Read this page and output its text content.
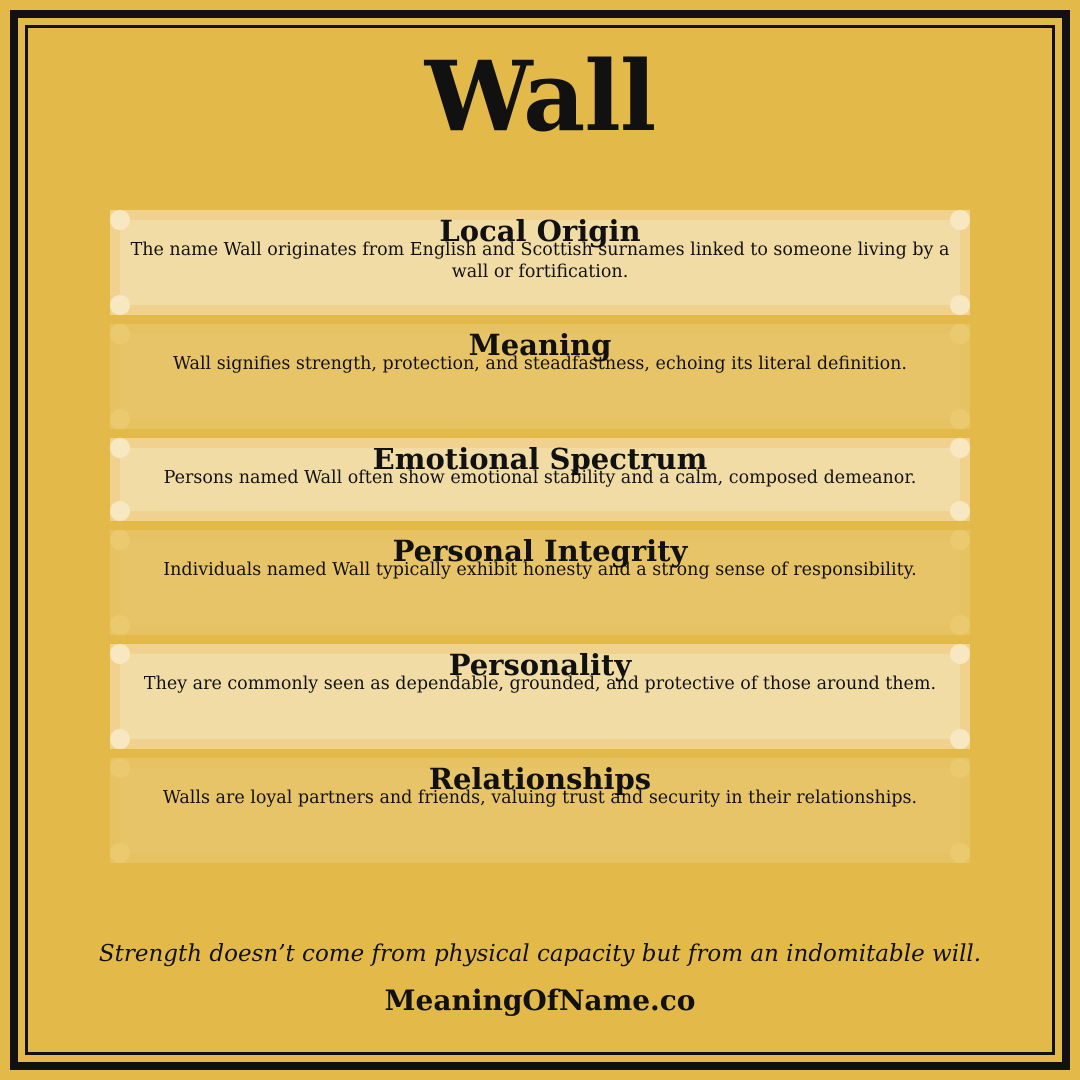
Wall
Local Origin

The name Wall originates from English and Scottish surnames linked to someone living by a wall or fortification.

Meaning

Wall signifies strength, protection, and steadfastness, echoing its literal definition.

Emotional Spectrum

Persons named Wall often show emotional stability and a calm, composed demeanor.

Personal Integrity

Individuals named Wall typically exhibit honesty and a strong sense of responsibility.

Personality

They are commonly seen as dependable, grounded, and protective of those around them.

Relationships

Walls are loyal partners and friends, valuing trust and security in their relationships.

Strength doesn’t come from physical capacity but from an indomitable will.
MeaningOfName.co
